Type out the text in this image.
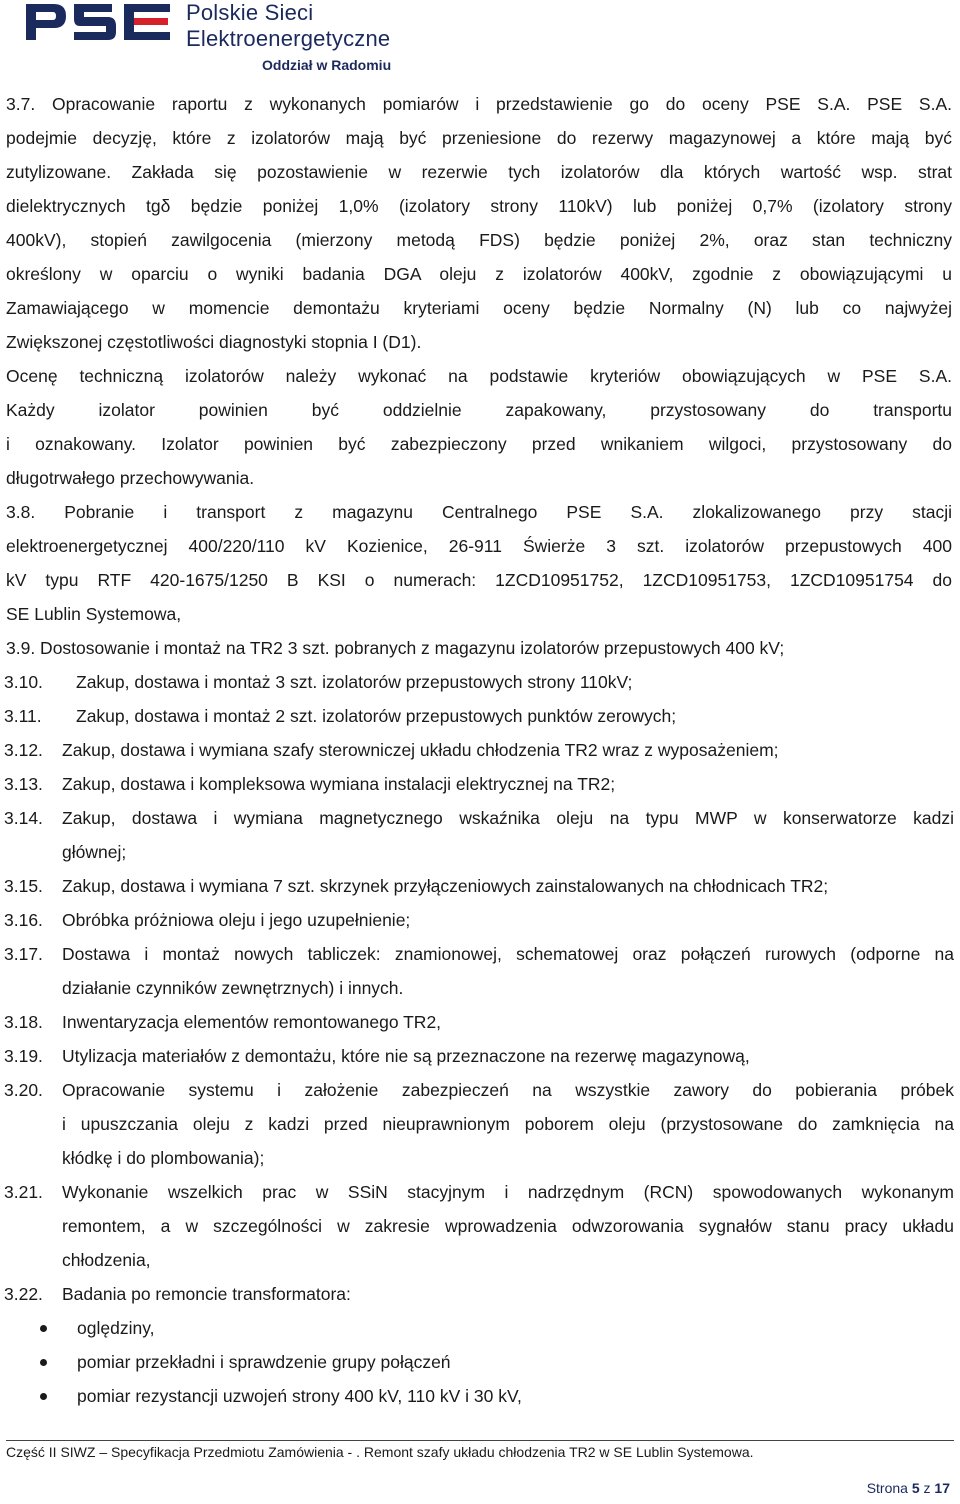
Polskie Sieci
Elektroenergetyczne
Oddział w Radomiu
3.7. Opracowanie raportu z wykonanych pomiarów i przedstawienie go do oceny PSE S.A. PSE S.A.
podejmie decyzję, które z izolatorów mają być przeniesione do rezerwy magazynowej a które mają być
zutylizowane. Zakłada się pozostawienie w rezerwie tych izolatorów dla których wartość wsp. strat
dielektrycznych tgδ będzie poniżej 1,0% (izolatory strony 110kV) lub poniżej 0,7% (izolatory strony
400kV), stopień zawilgocenia (mierzony metodą FDS) będzie poniżej 2%, oraz stan techniczny
określony w oparciu o wyniki badania DGA oleju z izolatorów 400kV, zgodnie z obowiązującymi u
Zamawiającego w momencie demontażu kryteriami oceny będzie Normalny (N) lub co najwyżej
Zwiększonej częstotliwości diagnostyki stopnia I (D1).
Ocenę techniczną izolatorów należy wykonać na podstawie kryteriów obowiązujących w PSE S.A.
Każdy izolator powinien być oddzielnie zapakowany, przystosowany do transportu
i oznakowany. Izolator powinien być zabezpieczony przed wnikaniem wilgoci, przystosowany do
długotrwałego przechowywania.
3.8. Pobranie i transport z magazynu Centralnego PSE S.A. zlokalizowanego przy stacji
elektroenergetycznej 400/220/110 kV Kozienice, 26-911 Świerże 3 szt. izolatorów przepustowych 400
kV typu RTF 420-1675/1250 B KSI o numerach: 1ZCD10951752, 1ZCD10951753, 1ZCD10951754 do
SE Lublin Systemowa,
3.9. Dostosowanie i montaż na TR2 3 szt. pobranych z magazynu izolatorów przepustowych 400 kV;
3.10. Zakup, dostawa i montaż 3 szt. izolatorów przepustowych strony 110kV;
3.11. Zakup, dostawa i montaż 2 szt. izolatorów przepustowych punktów zerowych;
3.12. Zakup, dostawa i wymiana szafy sterowniczej układu chłodzenia TR2 wraz z wyposażeniem;
3.13. Zakup, dostawa i kompleksowa wymiana instalacji elektrycznej na TR2;
3.14. Zakup, dostawa i wymiana magnetycznego wskaźnika oleju na typu MWP w konserwatorze kadzi
głównej;
3.15. Zakup, dostawa i wymiana 7 szt. skrzynek przyłączeniowych zainstalowanych na chłodnicach TR2;
3.16. Obróbka próżniowa oleju i jego uzupełnienie;
3.17. Dostawa i montaż nowych tabliczek: znamionowej, schematowej oraz połączeń rurowych (odporne na
działanie czynników zewnętrznych) i innych.
3.18. Inwentaryzacja elementów remontowanego TR2,
3.19. Utylizacja materiałów z demontażu, które nie są przeznaczone na rezerwę magazynową,
3.20. Opracowanie systemu i założenie zabezpieczeń na wszystkie zawory do pobierania próbek
i upuszczania oleju z kadzi przed nieuprawnionym poborem oleju (przystosowane do zamknięcia na
kłódkę i do plombowania);
3.21. Wykonanie wszelkich prac w SSiN stacyjnym i nadrzędnym (RCN) spowodowanych wykonanym
remontem, a w szczególności w zakresie wprowadzenia odwzorowania sygnałów stanu pracy układu
chłodzenia,
3.22. Badania po remoncie transformatora:
oględziny,
pomiar przekładni i sprawdzenie grupy połączeń
pomiar rezystancji uzwojeń strony 400 kV, 110 kV i 30 kV,
Część II SIWZ – Specyfikacja Przedmiotu Zamówienia - . Remont szafy układu chłodzenia TR2 w SE Lublin Systemowa.
Strona 5 z 17
